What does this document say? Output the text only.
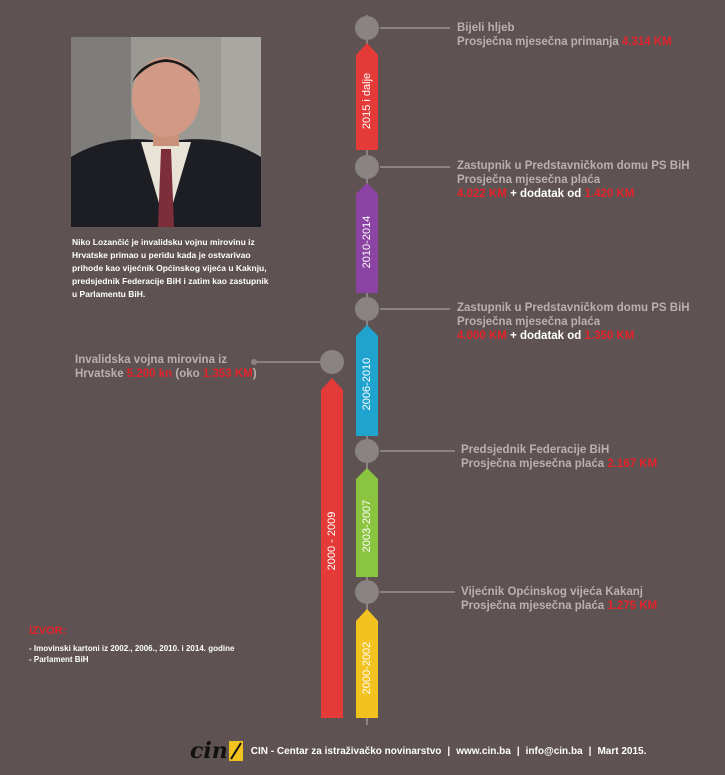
Niko Lozančić je invalidsku vojnu mirovinu iz Hrvatske primao u peridu kada je ostvarivao prihode kao vijećnik Općinskog vijeća u Kaknju, predsjednik Federacije BiH i zatim kao zastupnik u Parlamentu BiH.
2015 i dalje
2010-2014
2006-2010
2003-2007
2000-2002
2000 - 2009
Bijeli hljeb
Prosječna mjesečna primanja 4.314 KM
Zastupnik u Predstavničkom domu PS BiH
Prosječna mjesečna plaća
4.022 KM + dodatak od 1.420 KM
Zastupnik u Predstavničkom domu PS BiH
Prosječna mjesečna plaća
4.000 KM + dodatak od 1.350 KM
Predsjednik Federacije BiH
Prosječna mjesečna plaća 2.167 KM
Vijećnik Općinskog vijeća Kakanj
Prosječna mjesečna plaća 1.275 KM
Invalidska vojna mirovina iz
Hrvatske 5.200 kn (oko 1.353 KM)
IZVOR:
- Imovinski kartoni iz 2002., 2006., 2010. i 2014. godine
- Parlament BiH
cin CIN - Centar za istraživačko novinarstvo | www.cin.ba | info@cin.ba | Mart 2015.
